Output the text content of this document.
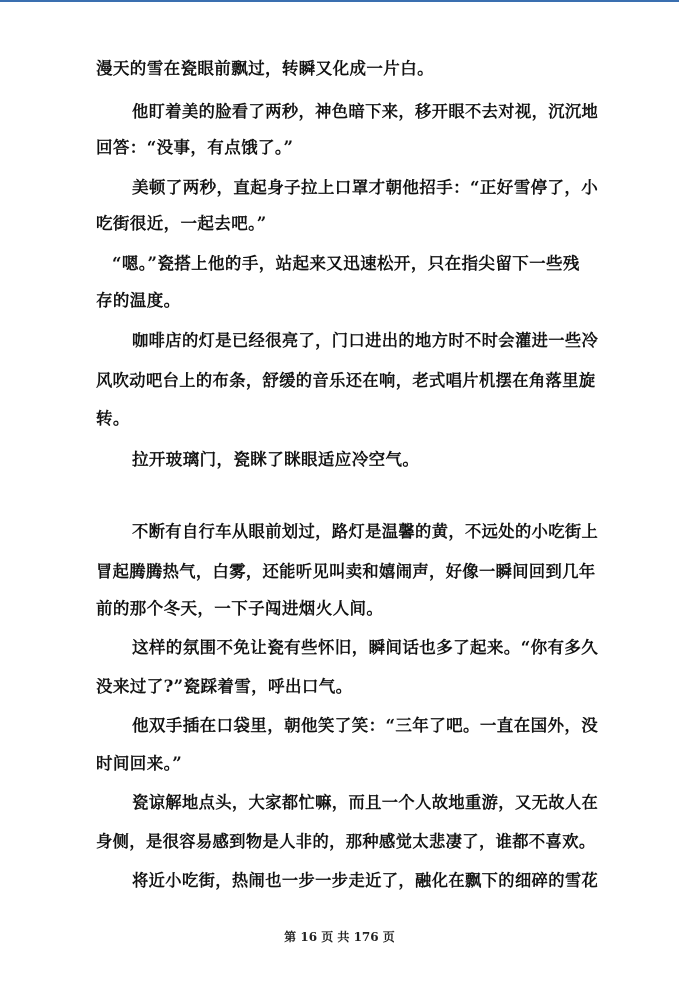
漫天的雪在瓷眼前飘过，转瞬又化成一片白。
他盯着美的脸看了两秒，神色暗下来，移开眼不去对视，沉沉地
回答：“没事，有点饿了。”
美顿了两秒，直起身子拉上口罩才朝他招手：“正好雪停了，小
吃街很近，一起去吧。”
“嗯。”瓷搭上他的手，站起来又迅速松开，只在指尖留下一些残
存的温度。
咖啡店的灯是已经很亮了，门口进出的地方时不时会灌进一些冷
风吹动吧台上的布条，舒缓的音乐还在响，老式唱片机摆在角落里旋
转。
拉开玻璃门，瓷眯了眯眼适应冷空气。
不断有自行车从眼前划过，路灯是温馨的黄，不远处的小吃街上
冒起腾腾热气，白雾，还能听见叫卖和嬉闹声，好像一瞬间回到几年
前的那个冬天，一下子闯进烟火人间。
这样的氛围不免让瓷有些怀旧，瞬间话也多了起来。“你有多久
没来过了?”瓷踩着雪，呼出口气。
他双手插在口袋里，朝他笑了笑：“三年了吧。一直在国外，没
时间回来。”
瓷谅解地点头，大家都忙嘛，而且一个人故地重游，又无故人在
身侧，是很容易感到物是人非的，那种感觉太悲凄了，谁都不喜欢。
将近小吃街，热闹也一步一步走近了，融化在飘下的细碎的雪花
第 16 页 共 176 页
